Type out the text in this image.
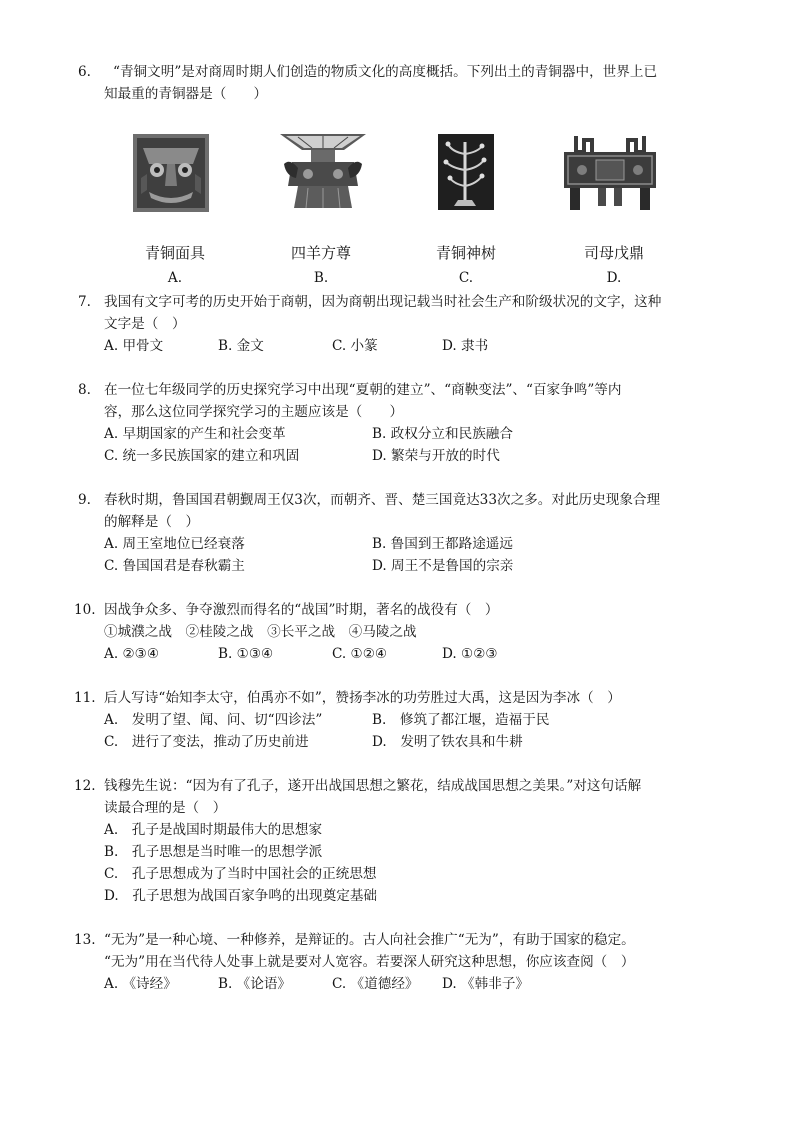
6. “青铜文明”是对商周时期人们创造的物质文化的高度概括。下列出土的青铜器中，世界上已
知最重的青铜器是（　　）
青铜面具	四羊方尊	青铜神树	司母戊鼎
A.	B.	C.	D.
7. 我国有文字可考的历史开始于商朝，因为商朝出现记载当时社会生产和阶级状况的文字，这种
文字是（　）
A. 甲骨文	B. 金文	C. 小篆	D. 隶书
8. 在一位七年级同学的历史探究学习中出现“夏朝的建立”、“商鞅变法”、“百家争鸣”等内
容，那么这位同学探究学习的主题应该是（　　）
A. 早期国家的产生和社会变革	B. 政权分立和民族融合
C. 统一多民族国家的建立和巩固	D. 繁荣与开放的时代
9. 春秋时期，鲁国国君朝觐周王仅3次，而朝齐、晋、楚三国竟达33次之多。对此历史现象合理
的解释是（　）
A. 周王室地位已经衰落	B. 鲁国到王都路途遥远
C. 鲁国国君是春秋霸主	D. 周王不是鲁国的宗亲
10. 因战争众多、争夺激烈而得名的“战国”时期，著名的战役有（　）
①城濮之战　②桂陵之战　③长平之战　④马陵之战
A. ②③④	B. ①③④	C. ①②④	D. ①②③
11. 后人写诗“始知李太守，伯禹亦不如”，赞扬李冰的功劳胜过大禹，这是因为李冰（　）
A.　发明了望、闻、问、切“四诊法”	B.　修筑了都江堰，造福于民
C.　进行了变法，推动了历史前进	D.　发明了铁农具和牛耕
12. 钱穆先生说：“因为有了孔子，遂开出战国思想之繁花，结成战国思想之美果。”对这句话解
读最合理的是（　）
A.　孔子是战国时期最伟大的思想家
B.　孔子思想是当时唯一的思想学派
C.　孔子思想成为了当时中国社会的正统思想
D.　孔子思想为战国百家争鸣的出现奠定基础
13. “无为”是一种心境、一种修养，是辩证的。古人向社会推广“无为”，有助于国家的稳定。
“无为”用在当代待人处事上就是要对人宽容。若要深人研究这种思想，你应该查阅（　）
A. 《诗经》	B. 《论语》	C. 《道德经》 D. 《韩非子》
